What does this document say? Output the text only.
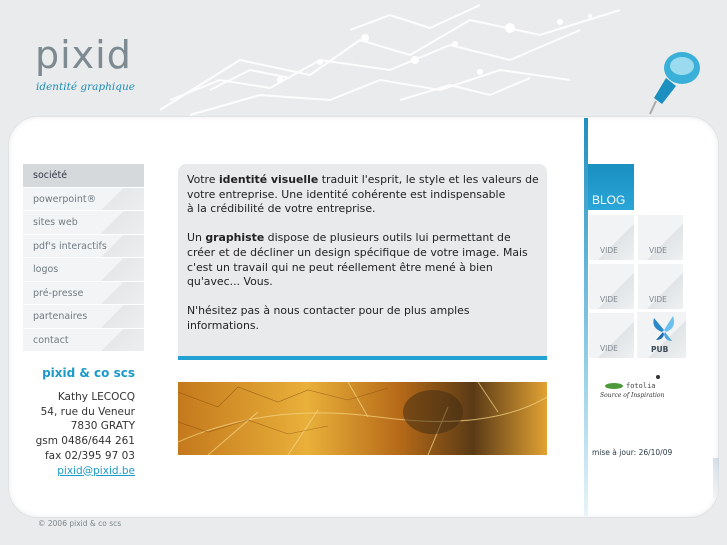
pixid
identité graphique
société
powerpoint®
sites web
pdf's interactifs
logos
pré-presse
partenaires
contact
pixid & co scs
Kathy LECOCQ
54, rue du Veneur
7830 GRATY
gsm 0486/644 261
fax 02/395 97 03
pixid@pixid.be

Votre identité visuelle traduit l'esprit, le style et les valeurs de votre entreprise. Une identité cohérente est indispensable
à la crédibilité de votre entreprise.

Un graphiste dispose de plusieurs outils lui permettant de créer et de décliner un design spécifique de votre image. Mais c'est un travail qui ne peut réellement être mené à bien qu'avec... Vous.

N'hésitez pas à nous contacter pour de plus amples informations.

BLOG
VIDE
VIDE
VIDE	VIDE
VIDE	PUB
fotolia
Source of Inspiration
mise à jour: 26/10/09
© 2006 pixid & co scs
